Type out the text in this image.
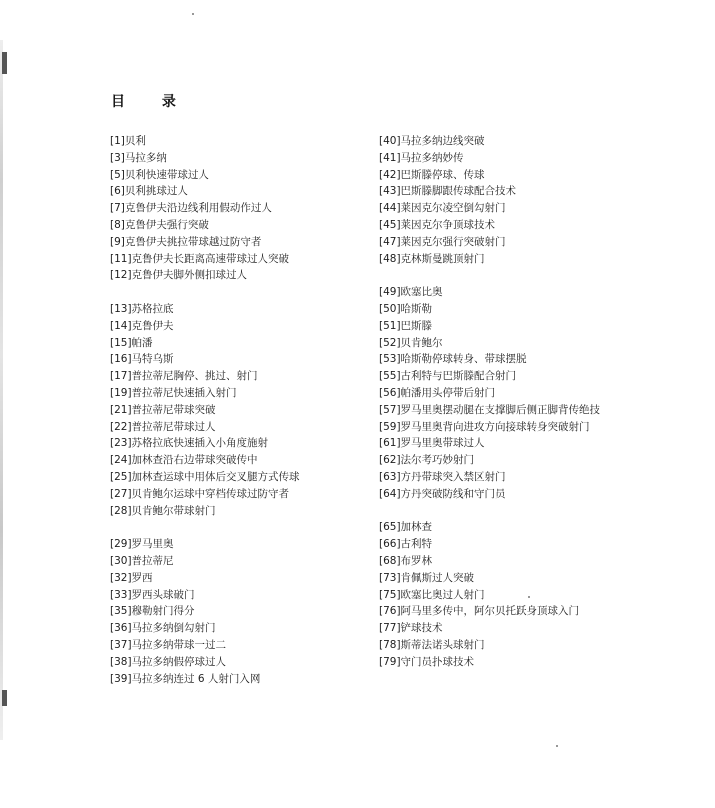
目 录
[1]贝利
[3]马拉多纳
[5]贝利快速带球过人
[6]贝利挑球过人
[7]克鲁伊夫沿边线利用假动作过人
[8]克鲁伊夫强行突破
[9]克鲁伊夫挑拉带球越过防守者
[11]克鲁伊夫长距离高速带球过人突破
[12]克鲁伊夫脚外侧扣球过人
[13]苏格拉底
[14]克鲁伊夫
[15]帕潘
[16]马特乌斯
[17]普拉蒂尼胸停、挑过、射门
[19]普拉蒂尼快速插入射门
[21]普拉蒂尼带球突破
[22]普拉蒂尼带球过人
[23]苏格拉底快速插入小角度施射
[24]加林查沿右边带球突破传中
[25]加林查运球中用体后交叉腿方式传球
[27]贝肯鲍尔运球中穿档传球过防守者
[28]贝肯鲍尔带球射门
[29]罗马里奥
[30]普拉蒂尼
[32]罗西
[33]罗西头球破门
[35]穆勒射门得分
[36]马拉多纳倒勾射门
[37]马拉多纳带球一过二
[38]马拉多纳假停球过人
[39]马拉多纳连过 6 人射门入网
[40]马拉多纳边线突破
[41]马拉多纳妙传
[42]巴斯滕停球、传球
[43]巴斯滕脚跟传球配合技术
[44]莱因克尔凌空倒勾射门
[45]莱因克尔争顶球技术
[47]莱因克尔强行突破射门
[48]克林斯曼跳顶射门
[49]欧塞比奥
[50]哈斯勒
[51]巴斯滕
[52]贝肯鲍尔
[53]哈斯勒停球转身、带球摆脱
[55]古利特与巴斯滕配合射门
[56]帕潘用头停带后射门
[57]罗马里奥摆动腿在支撑脚后侧正脚背传绝技
[59]罗马里奥背向进攻方向接球转身突破射门
[61]罗马里奥带球过人
[62]法尔考巧妙射门
[63]方丹带球突入禁区射门
[64]方丹突破防线和守门员
[65]加林查
[66]古利特
[68]布罗林
[73]肯佩斯过人突破
[75]欧塞比奥过人射门
[76]阿马里多传中，阿尔贝托跃身顶球入门
[77]铲球技术
[78]斯蒂法诺头球射门
[79]守门员扑球技术
